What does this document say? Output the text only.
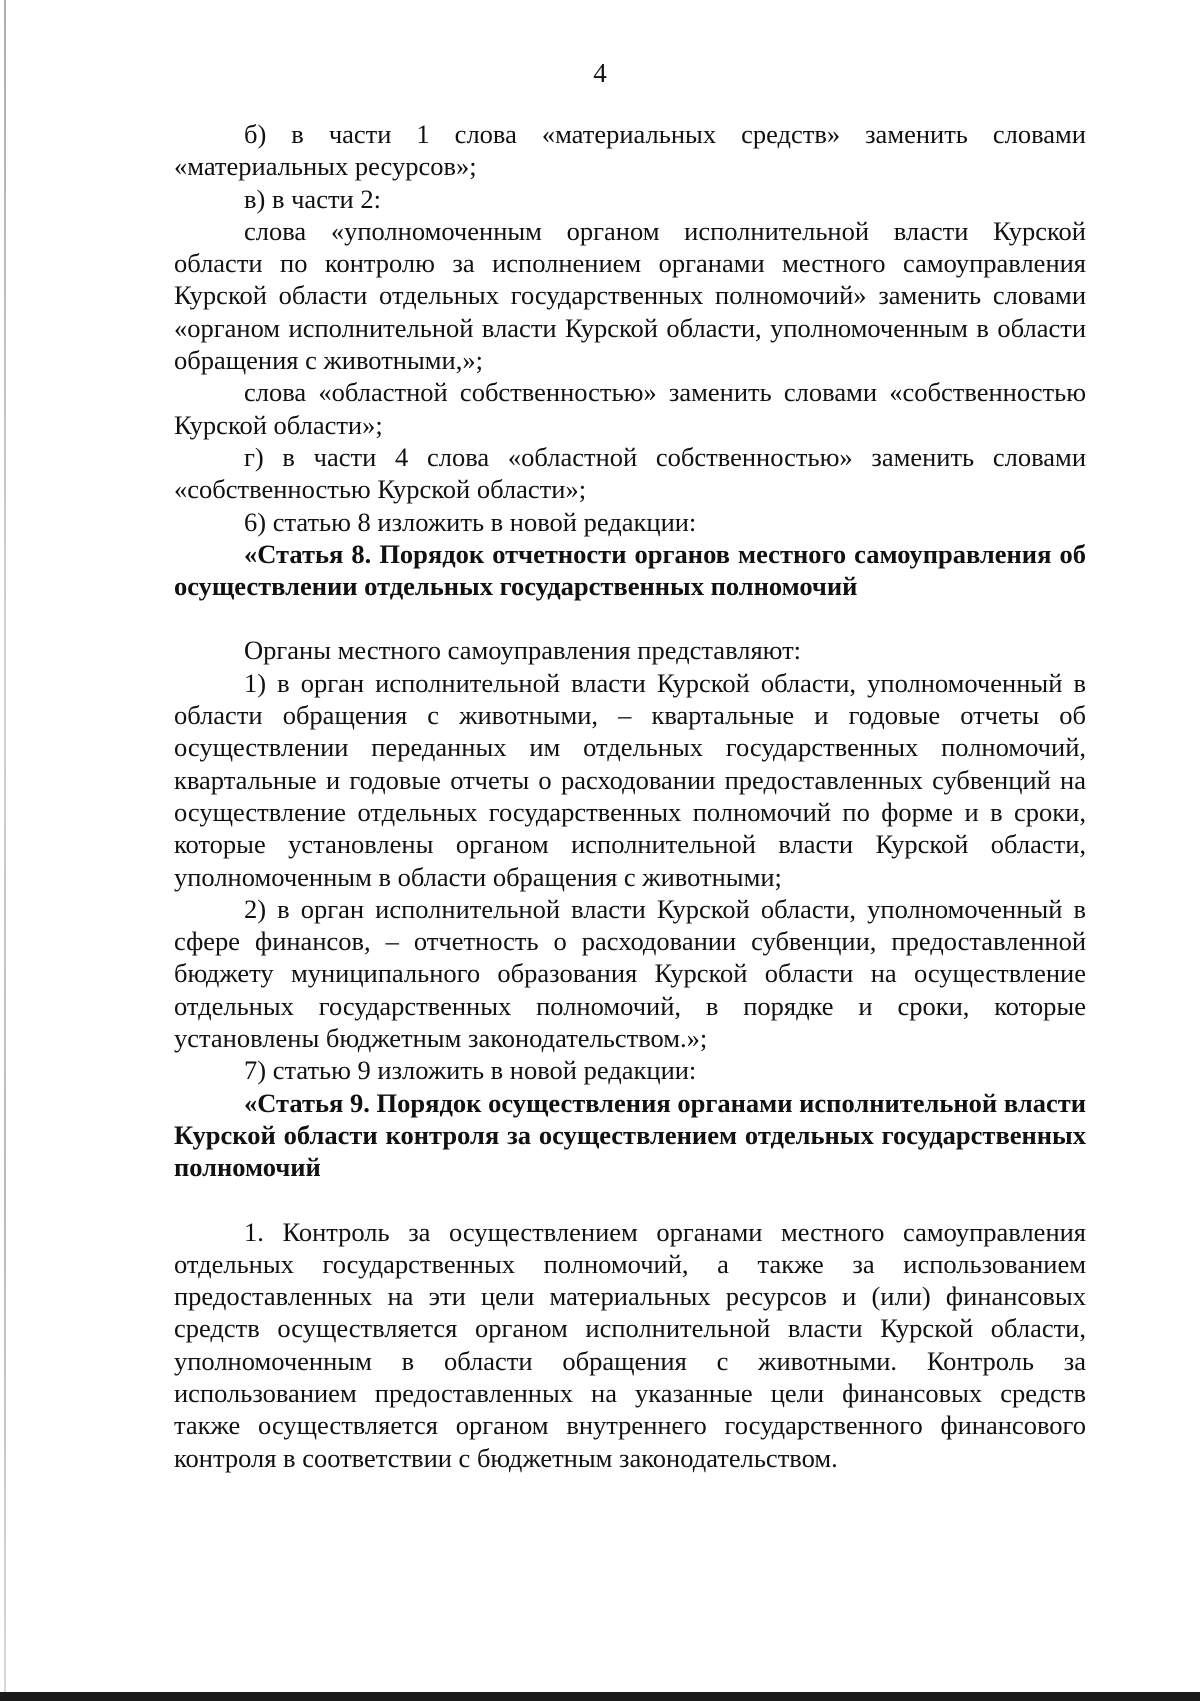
4

б) в части 1 слова «материальных средств» заменить словами «материальных ресурсов»;

в) в части 2:

слова «уполномоченным органом исполнительной власти Курской области по контролю за исполнением органами местного самоуправления Курской области отдельных государственных полномочий» заменить словами «органом исполнительной власти Курской области, уполномоченным в области обращения с животными,»;

слова «областной собственностью» заменить словами «собственностью Курской области»;

г) в части 4 слова «областной собственностью» заменить словами «собственностью Курской области»;

6) статью 8 изложить в новой редакции:

«Статья 8. Порядок отчетности органов местного самоуправления об осуществлении отдельных государственных полномочий

Органы местного самоуправления представляют:

1) в орган исполнительной власти Курской области, уполномоченный в области обращения с животными, – квартальные и годовые отчеты об осуществлении переданных им отдельных государственных полномочий, квартальные и годовые отчеты о расходовании предоставленных субвенций на осуществление отдельных государственных полномочий по форме и в сроки, которые установлены органом исполнительной власти Курской области, уполномоченным в области обращения с животными;

2) в орган исполнительной власти Курской области, уполномоченный в сфере финансов, – отчетность о расходовании субвенции, предоставленной бюджету муниципального образования Курской области на осуществление отдельных государственных полномочий, в порядке и сроки, которые установлены бюджетным законодательством.»;

7) статью 9 изложить в новой редакции:

«Статья 9. Порядок осуществления органами исполнительной власти Курской области контроля за осуществлением отдельных государственных полномочий

1. Контроль за осуществлением органами местного самоуправления отдельных государственных полномочий, а также за использованием предоставленных на эти цели материальных ресурсов и (или) финансовых средств осуществляется органом исполнительной власти Курской области, уполномоченным в области обращения с животными. Контроль за использованием предоставленных на указанные цели финансовых средств также осуществляется органом внутреннего государственного финансового контроля в соответствии с бюджетным законодательством.
